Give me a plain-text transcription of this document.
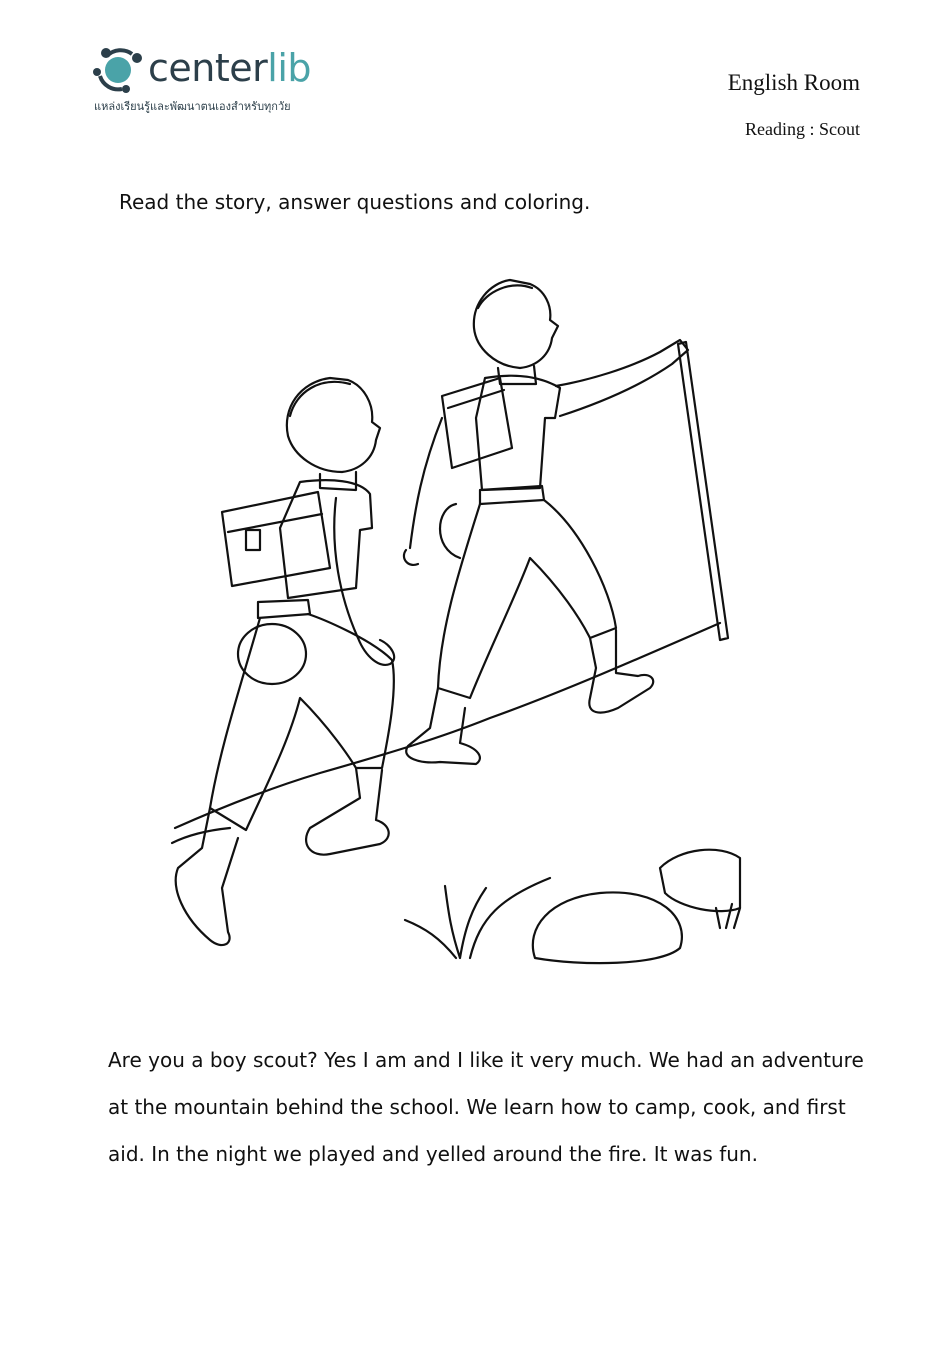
centerlib
แหล่งเรียนรู้และพัฒนาตนเองสำหรับทุกวัย
English Room
Reading : Scout
Read the story, answer questions and coloring.
Are you a boy scout? Yes I am and I like it very much. We had an adventure at the mountain behind the school. We learn how to camp, cook, and first aid. In the night we played and yelled around the fire. It was fun.
